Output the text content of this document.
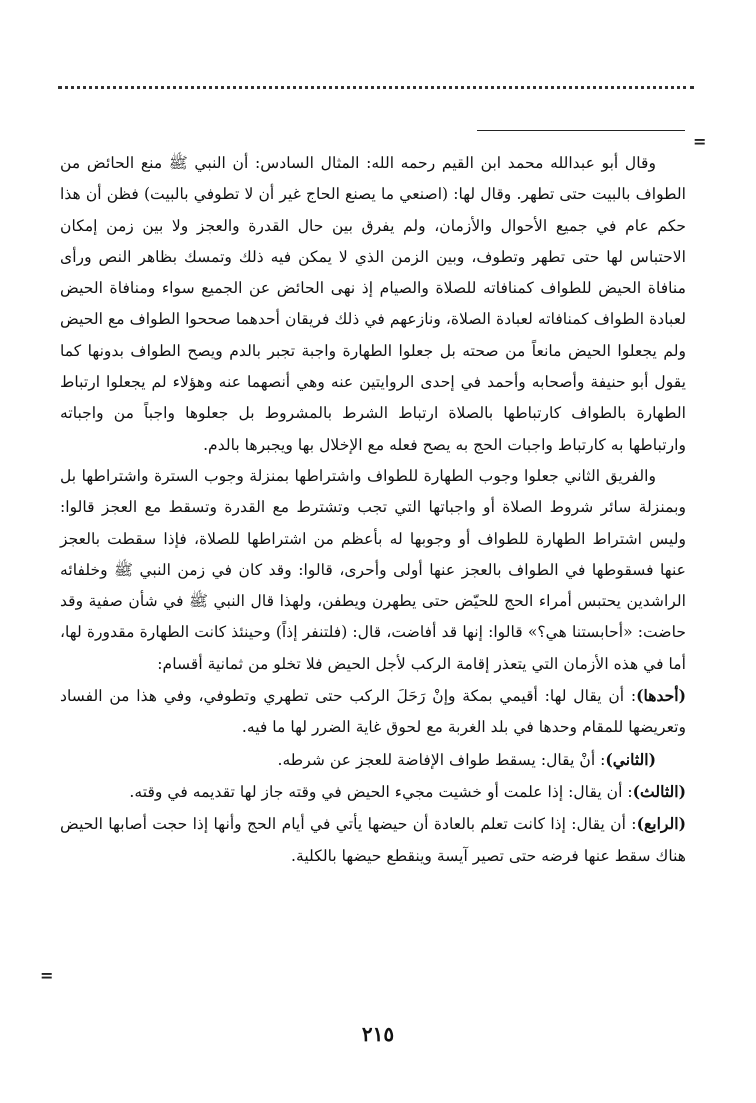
=

وقال أبو عبدالله محمد ابن القيم رحمه الله: المثال السادس: أن النبي ﷺ منع الحائض من الطواف بالبيت حتى تطهر. وقال لها: (اصنعي ما يصنع الحاج غير أن لا تطوفي بالبيت) فظن أن هذا حكم عام في جميع الأحوال والأزمان، ولم يفرق بين حال القدرة والعجز ولا بين زمن إمكان الاحتباس لها حتى تطهر وتطوف، وبين الزمن الذي لا يمكن فيه ذلك وتمسك بظاهر النص ورأى منافاة الحيض للطواف كمنافاته للصلاة والصيام إذ نهى الحائض عن الجميع سواء ومنافاة الحيض لعبادة الطواف كمنافاته لعبادة الصلاة، ونازعهم في ذلك فريقان أحدهما صححوا الطواف مع الحيض ولم يجعلوا الحيض مانعاً من صحته بل جعلوا الطهارة واجبة تجبر بالدم ويصح الطواف بدونها كما يقول أبو حنيفة وأصحابه وأحمد في إحدى الروايتين عنه وهي أنصهما عنه وهؤلاء لم يجعلوا ارتباط الطهارة بالطواف كارتباطها بالصلاة ارتباط الشرط بالمشروط بل جعلوها واجباً من واجباته وارتباطها به كارتباط واجبات الحج به يصح فعله مع الإخلال بها ويجبرها بالدم.

والفريق الثاني جعلوا وجوب الطهارة للطواف واشتراطها بمنزلة وجوب السترة واشتراطها بل وبمنزلة سائر شروط الصلاة أو واجباتها التي تجب وتشترط مع القدرة وتسقط مع العجز قالوا: وليس اشتراط الطهارة للطواف أو وجوبها له بأعظم من اشتراطها للصلاة، فإذا سقطت بالعجز عنها فسقوطها في الطواف بالعجز عنها أولى وأحرى، قالوا: وقد كان في زمن النبي ﷺ وخلفائه الراشدين يحتبس أمراء الحج للحيّض حتى يطهرن ويطفن، ولهذا قال النبي ﷺ في شأن صفية وقد حاضت: «أحابستنا هي؟» قالوا: إنها قد أفاضت، قال: (فلتنفر إذاً) وحينئذ كانت الطهارة مقدورة لها، أما في هذه الأزمان التي يتعذر إقامة الركب لأجل الحيض فلا تخلو من ثمانية أقسام:

(أحدها): أن يقال لها: أقيمي بمكة وإنْ رَحَلَ الركب حتى تطهري وتطوفي، وفي هذا من الفساد وتعريضها للمقام وحدها في بلد الغربة مع لحوق غاية الضرر لها ما فيه.

(الثاني): أنْ يقال: يسقط طواف الإفاضة للعجز عن شرطه.

(الثالث): أن يقال: إذا علمت أو خشيت مجيء الحيض في وقته جاز لها تقديمه في وقته.

(الرابع): أن يقال: إذا كانت تعلم بالعادة أن حيضها يأتي في أيام الحج وأنها إذا حجت أصابها الحيض هناك سقط عنها فرضه حتى تصير آيسة وينقطع حيضها بالكلية.

=
٢١٥
